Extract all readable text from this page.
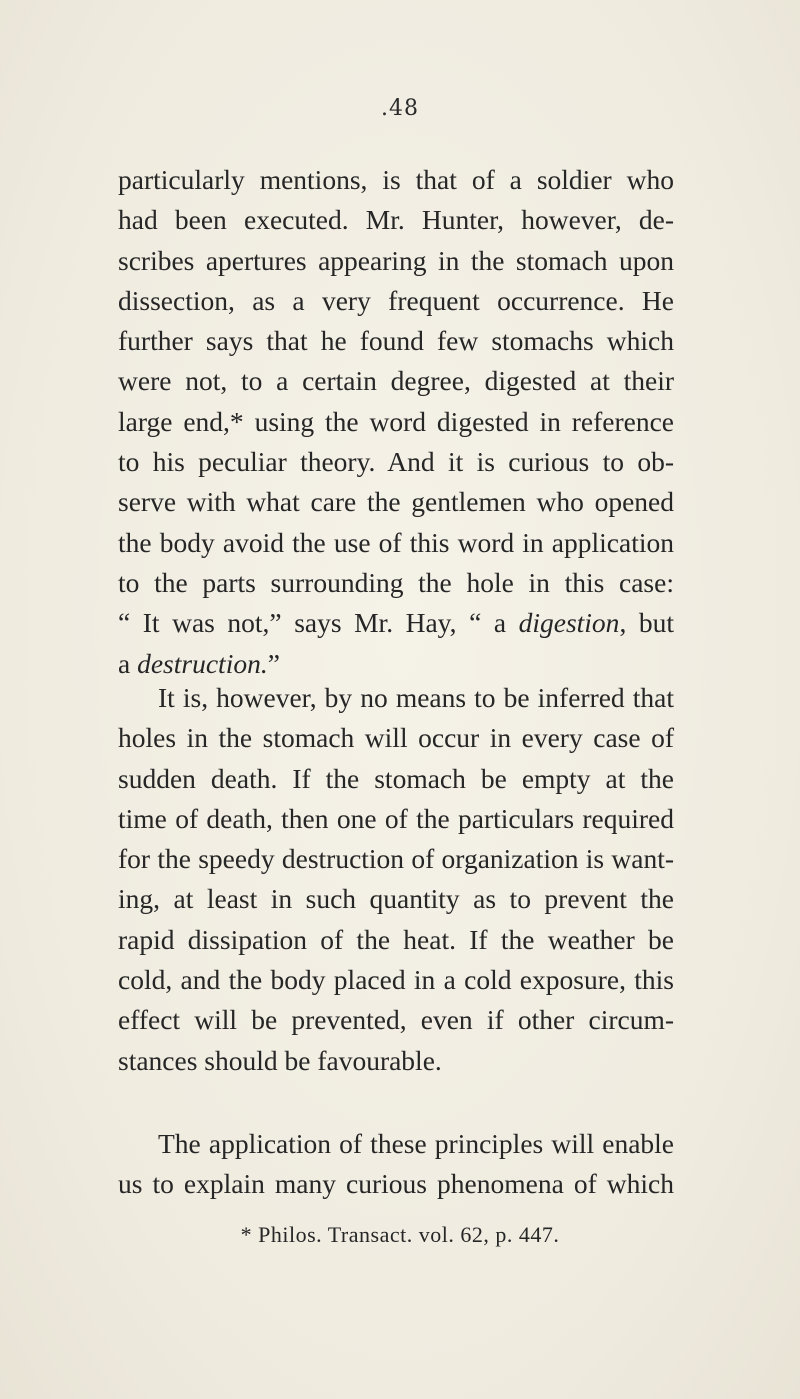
.48
particularly mentions, is that of a soldier who
had been executed. Mr. Hunter, however, de-
scribes apertures appearing in the stomach upon
dissection, as a very frequent occurrence. He
further says that he found few stomachs which
were not, to a certain degree, digested at their
large end,* using the word digested in reference
to his peculiar theory. And it is curious to ob-
serve with what care the gentlemen who opened
the body avoid the use of this word in application
to the parts surrounding the hole in this case:
“ It was not,” says Mr. Hay, “ a digestion, but
a destruction.”
It is, however, by no means to be inferred that
holes in the stomach will occur in every case of
sudden death. If the stomach be empty at the
time of death, then one of the particulars required
for the speedy destruction of organization is want-
ing, at least in such quantity as to prevent the
rapid dissipation of the heat. If the weather be
cold, and the body placed in a cold exposure, this
effect will be prevented, even if other circum-
stances should be favourable.
The application of these principles will enable
us to explain many curious phenomena of which
* Philos. Transact. vol. 62, p. 447.
